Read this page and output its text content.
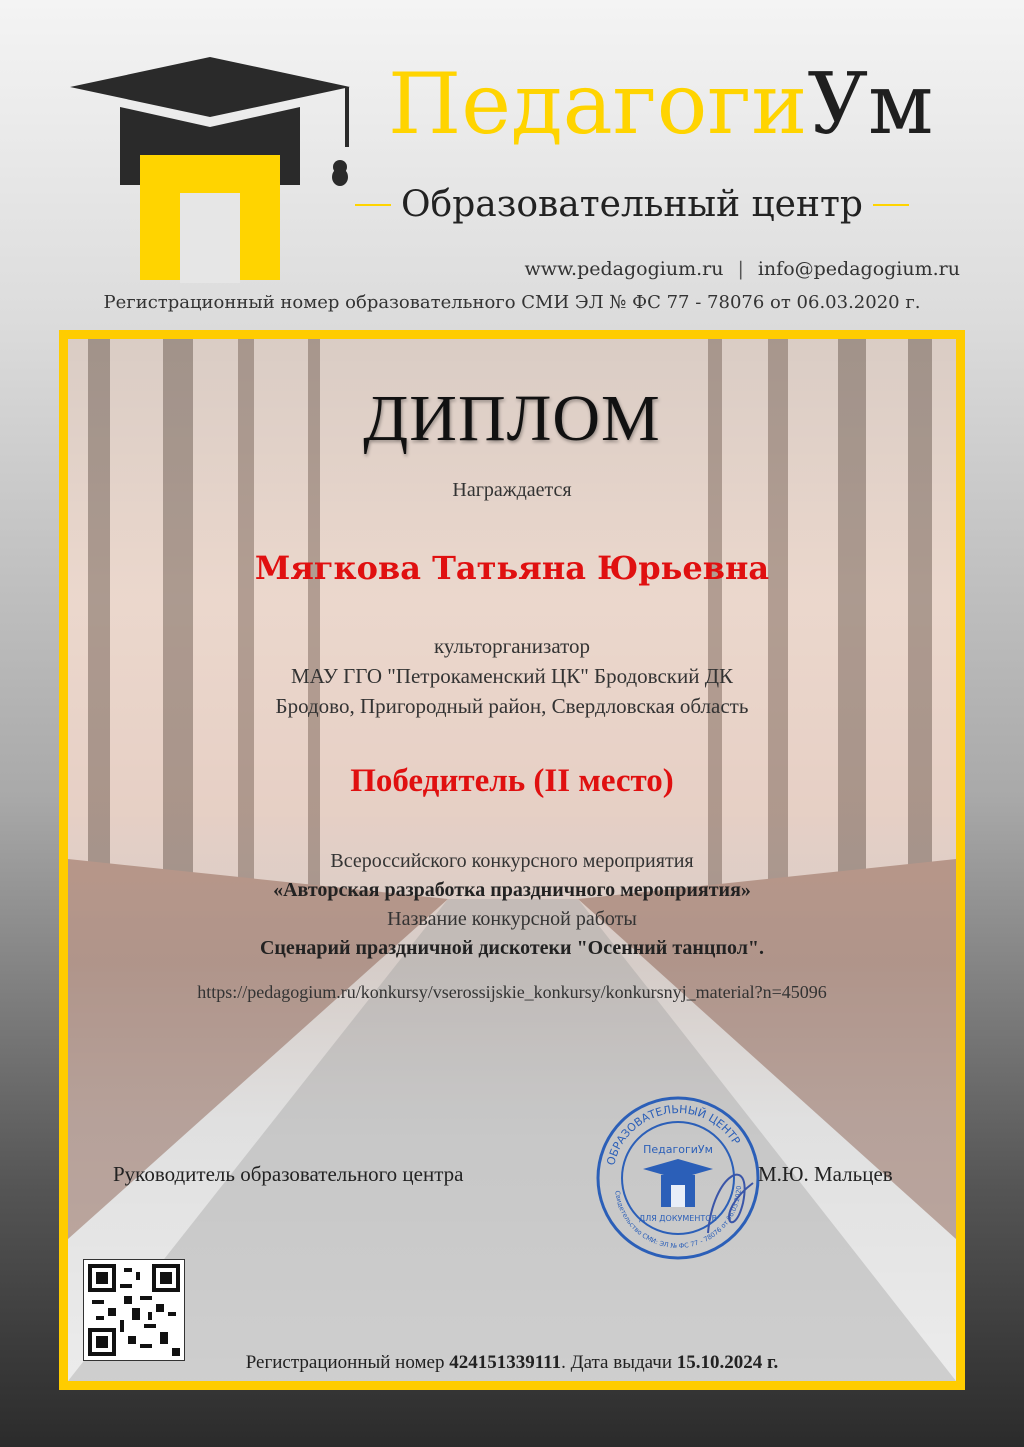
ПедагогиУм
Образовательный центр
www.pedagogium.ru | info@pedagogium.ru
Регистрационный номер образовательного СМИ ЭЛ № ФС 77 - 78076 от 06.03.2020 г.
ДИПЛОМ
Награждается
Мягкова Татьяна Юрьевна
культорганизатор
МАУ ГГО "Петрокаменский ЦК" Бродовский ДК
Бродово, Пригородный район, Свердловская область
Победитель (II место)
Всероссийского конкурсного мероприятия
«Авторская разработка праздничного мероприятия»
Название конкурсной работы
Сценарий праздничной дискотеки "Осенний танцпол".
https://pedagogium.ru/konkursy/vserossijskie_konkursy/konkursnyj_material?n=45096
Руководитель образовательного центра
ОБРАЗОВАТЕЛЬНЫЙ ЦЕНТР
Свидетельство СМИ: ЭЛ № ФС 77 - 78076 от 06.03.2020
ПедагогиУм
ДЛЯ ДОКУМЕНТОВ
М.Ю. Мальцев
Регистрационный номер 424151339111. Дата выдачи 15.10.2024 г.
